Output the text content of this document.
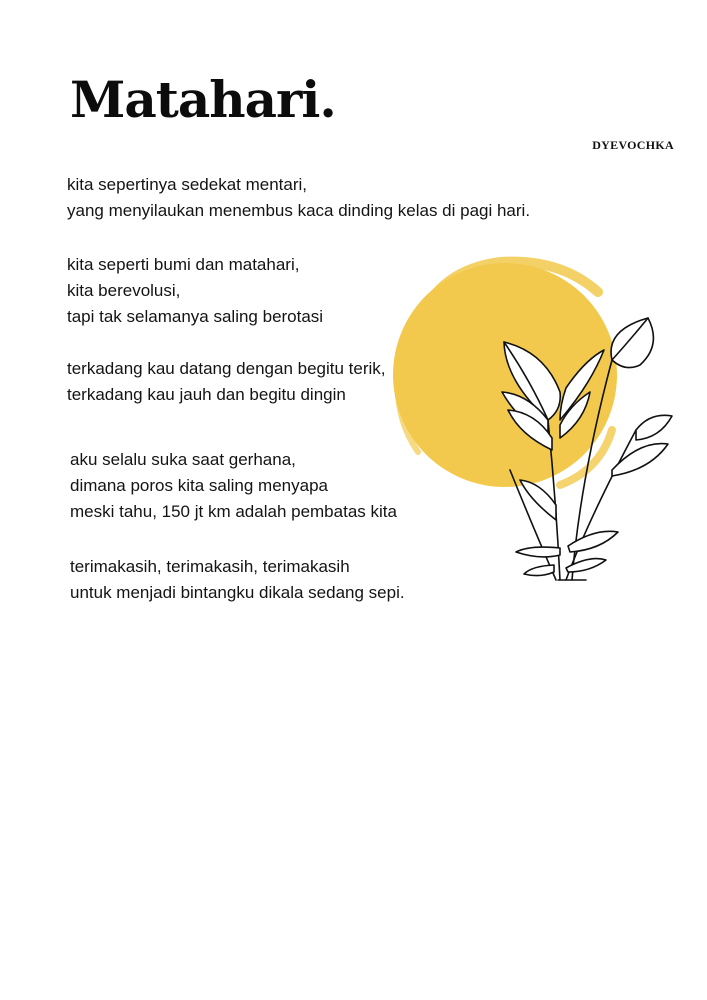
Matahari.
DYEVOCHKA
kita sepertinya sedekat mentari,
yang menyilaukan menembus kaca dinding kelas di pagi hari.
kita seperti bumi dan matahari,
kita berevolusi,
tapi tak selamanya saling berotasi
terkadang kau datang dengan begitu terik,
terkadang kau jauh dan begitu dingin
aku selalu suka saat gerhana,
dimana poros kita saling menyapa
meski tahu, 150 jt km adalah pembatas kita
terimakasih, terimakasih, terimakasih
untuk menjadi bintangku dikala sedang sepi.
